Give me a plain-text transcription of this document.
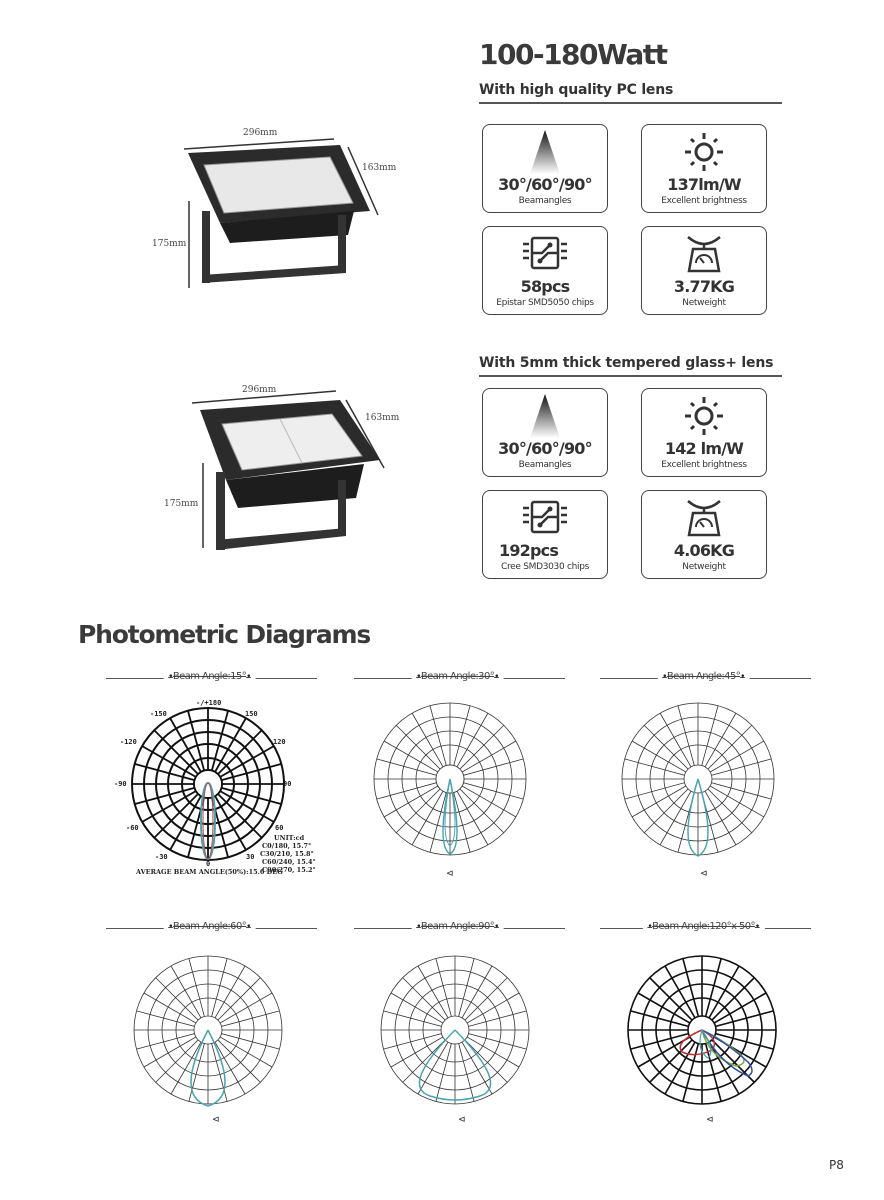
100-180Watt
With high quality PC lens
296mm
163mm
175mm
30°/60°/90°
Beamangles
137lm/W
Excellent brightness
58pcs
Epistar SMD5050 chips
3.77KG
Netweight
With 5mm thick tempered glass+ lens
296mm
163mm
175mm
30°/60°/90°
Beamangles
142 lm/W
Excellent brightness
192pcs
Cree SMD3030 chips
4.06KG
Netweight
Photometric Diagrams
• Beam Angle:15° •
-/+180
-150	150
-120	120
-90	90
-60	60
-30	30
0
UNIT:cd
C0/180, 15.7°
C30/210, 15.8°
C60/240, 15.4°
C90/270, 15.2°
AVERAGE BEAM ANGLE(50%):15.6 DEG
• Beam Angle:30° •
⊲
• Beam Angle:45° •
⊲
• Beam Angle:60° •
⊲
• Beam Angle:90° •
⊲
• Beam Angle:120°x 50° •
⊲
P8
